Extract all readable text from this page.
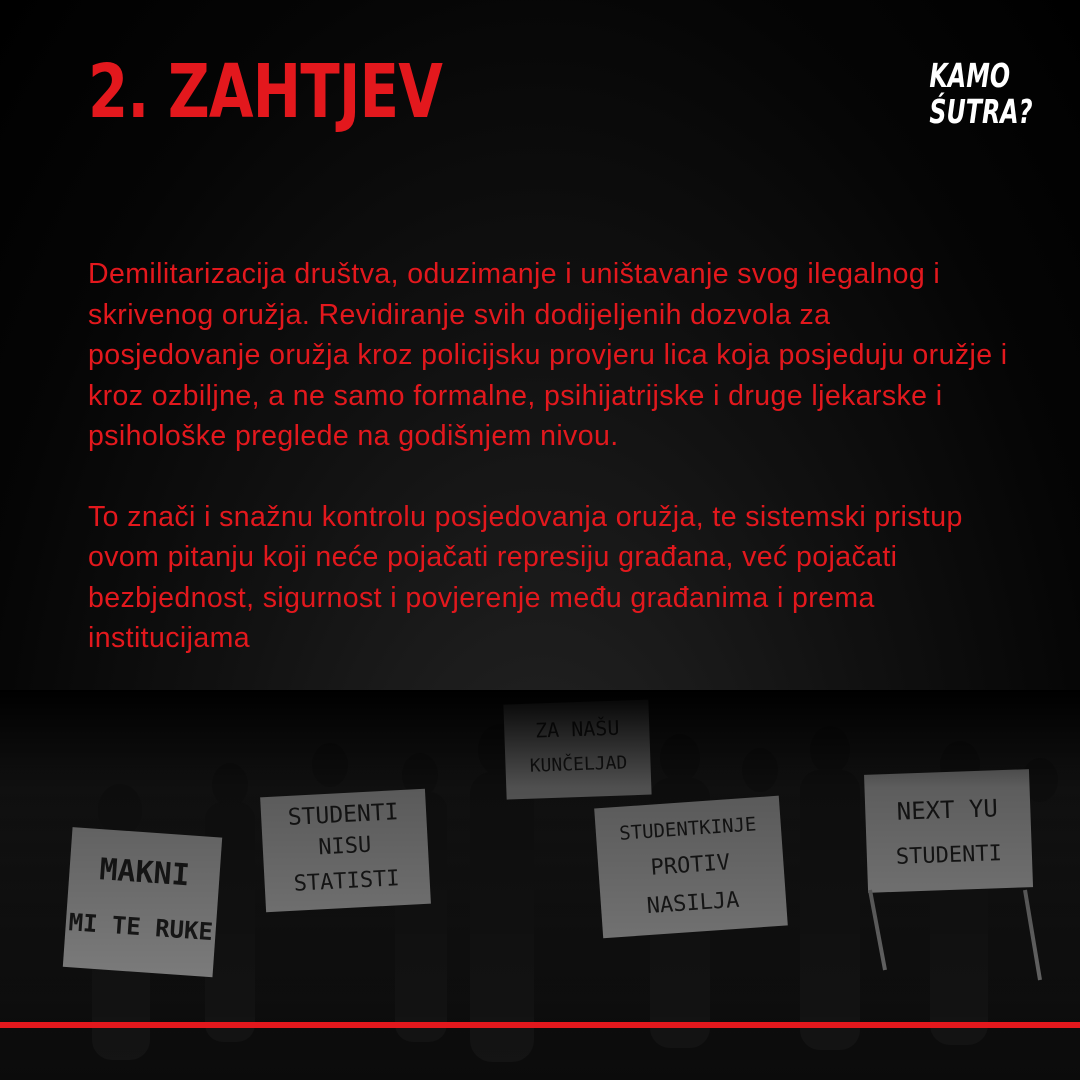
2. ZAHTJEV	KAMO
ŚUTRA?

Demilitarizacija društva, oduzimanje i uništavanje svog ilegalnog i skrivenog oružja. Revidiranje svih dodijeljenih dozvola za posjedovanje oružja kroz policijsku provjeru lica koja posjeduju oružje i kroz ozbiljne, a ne samo formalne, psihijatrijske i druge ljekarske i psihološke preglede na godišnjem nivou.

To znači i snažnu kontrolu posjedovanja oružja, te sistemski pristup ovom pitanju koji neće pojačati represiju građana, već pojačati bezbjednost, sigurnost i povjerenje među građanima i prema institucijama
